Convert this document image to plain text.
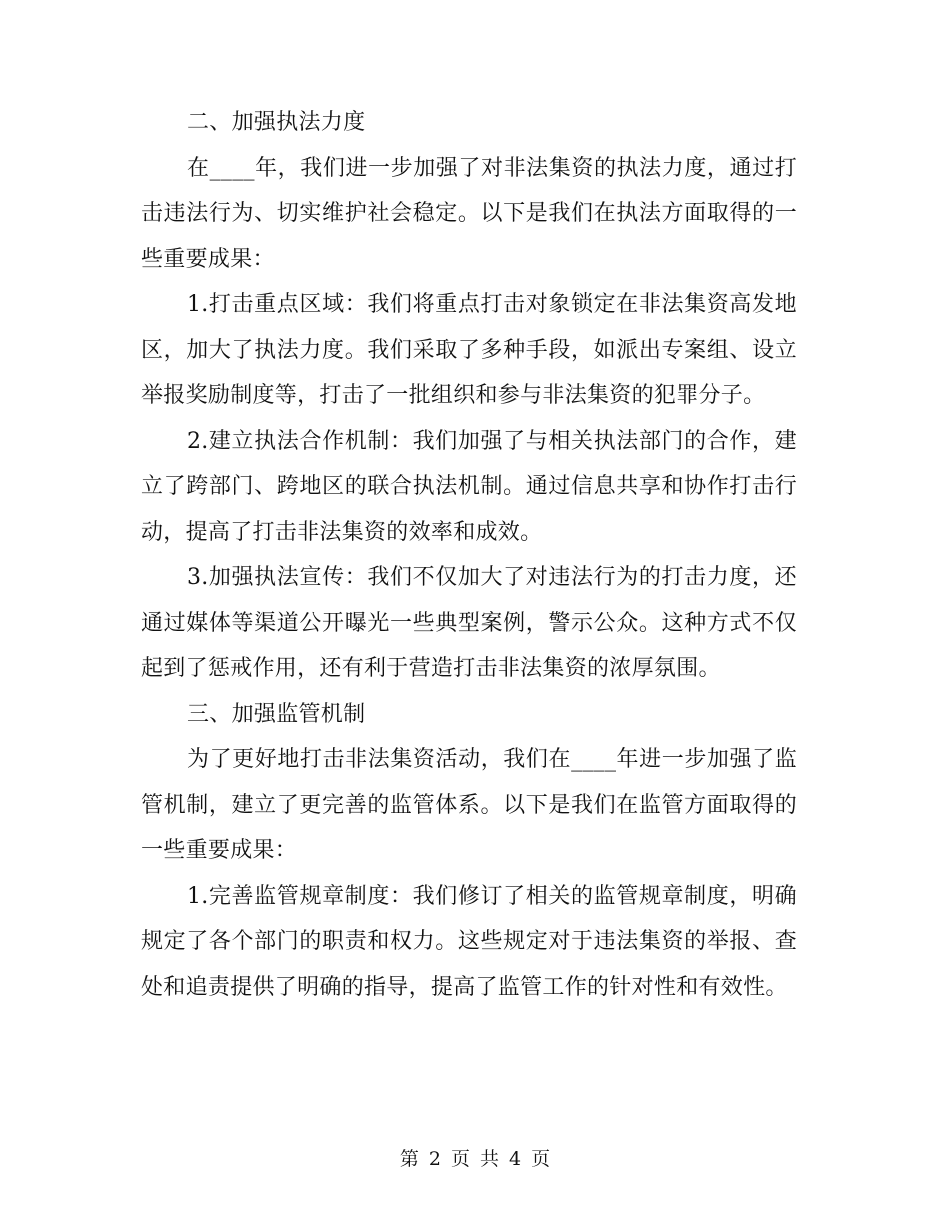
二、加强执法力度

在____年，我们进一步加强了对非法集资的执法力度，通过打击违法行为、切实维护社会稳定。以下是我们在执法方面取得的一些重要成果：

1.打击重点区域：我们将重点打击对象锁定在非法集资高发地区，加大了执法力度。我们采取了多种手段，如派出专案组、设立举报奖励制度等，打击了一批组织和参与非法集资的犯罪分子。

2.建立执法合作机制：我们加强了与相关执法部门的合作，建立了跨部门、跨地区的联合执法机制。通过信息共享和协作打击行动，提高了打击非法集资的效率和成效。

3.加强执法宣传：我们不仅加大了对违法行为的打击力度，还通过媒体等渠道公开曝光一些典型案例，警示公众。这种方式不仅起到了惩戒作用，还有利于营造打击非法集资的浓厚氛围。

三、加强监管机制

为了更好地打击非法集资活动，我们在____年进一步加强了监管机制，建立了更完善的监管体系。以下是我们在监管方面取得的一些重要成果：

1.完善监管规章制度：我们修订了相关的监管规章制度，明确规定了各个部门的职责和权力。这些规定对于违法集资的举报、查处和追责提供了明确的指导，提高了监管工作的针对性和有效性。

第 2 页 共 4 页
